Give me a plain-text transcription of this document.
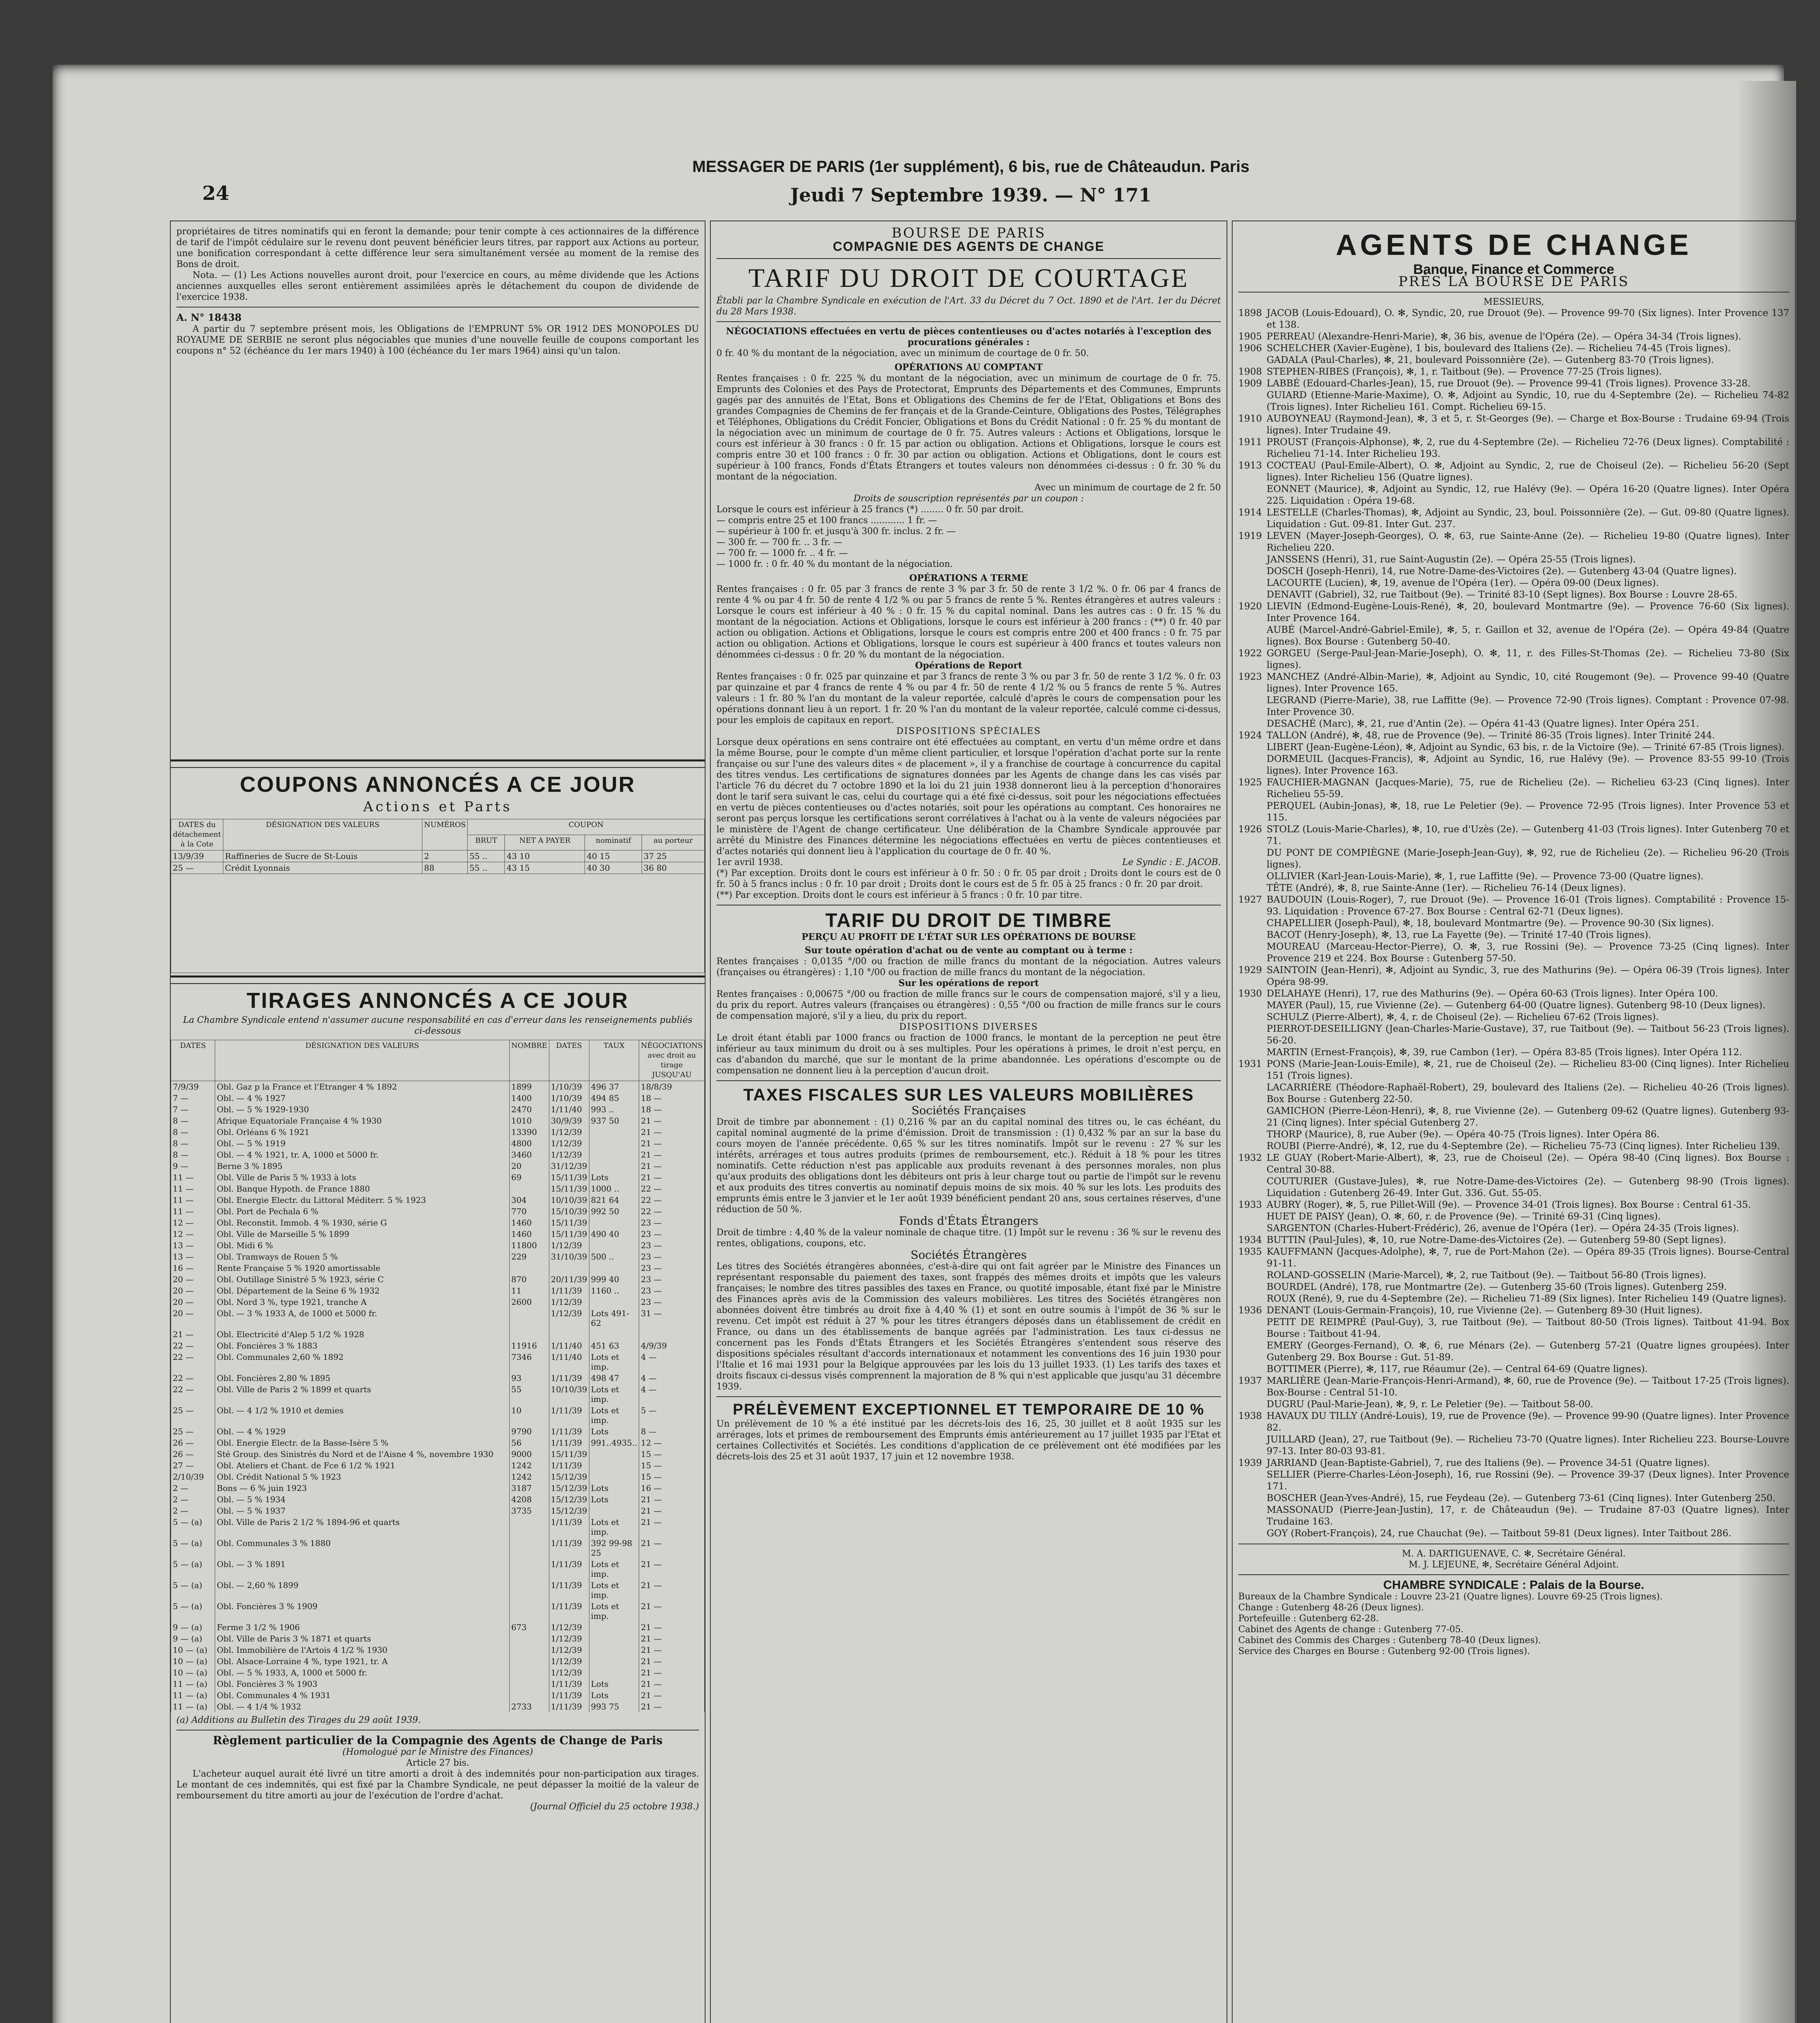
24
MESSAGER DE PARIS (1er supplément), 6 bis, rue de Châteaudun. Paris
Jeudi 7 Septembre 1939. — N° 171
propriétaires de titres nominatifs qui en feront la demande; pour tenir compte à ces actionnaires de la différence de tarif de l'impôt cédulaire sur le revenu dont peuvent bénéficier leurs titres, par rapport aux Actions au porteur, une bonification correspondant à cette différence leur sera simultanément versée au moment de la remise des Bons de droit.
Nota. — (1) Les Actions nouvelles auront droit, pour l'exercice en cours, au même dividende que les Actions anciennes auxquelles elles seront entièrement assimilées après le détachement du coupon de dividende de l'exercice 1938.
A. N° 18438
A partir du 7 septembre présent mois, les Obligations de l'EMPRUNT 5% OR 1912 DES MONOPOLES DU ROYAUME DE SERBIE ne seront plus négociables que munies d'une nouvelle feuille de coupons comportant les coupons n° 52 (échéance du 1er mars 1940) à 100 (échéance du 1er mars 1964) ainsi qu'un talon.
COUPONS ANNONCÉS A CE JOUR
Actions et Parts
DATES du détachement à la Cote	DÉSIGNATION DES VALEURS	NUMÉROS	COUPON			
			BRUT	NET A PAYER	nominatif	au porteur
13/9/39	Raffineries de Sucre de St-Louis	2	55 ..	43 10	40 15	37 25
25 —	Crédit Lyonnais	88	55 ..	43 15	40 30	36 80

TIRAGES ANNONCÉS A CE JOUR
La Chambre Syndicale entend n'assumer aucune responsabilité en cas d'erreur dans les renseignements publiés ci-dessous
DATES	DÉSIGNATION DES VALEURS	NOMBRE	DATES	TAUX	NÉGOCIATIONS avec droit au tirage JUSQU'AU
7/9/39	Obl. Gaz p la France et l'Etranger 4 % 1892	1899	1/10/39	496 37	18/8/39
7 —	Obl. — 4 % 1927	1400	1/10/39	494 85	18 —
7 —	Obl. — 5 % 1929-1930	2470	1/11/40	993 ..	18 —
8 —	Afrique Equatoriale Française 4 % 1930	1010	30/9/39	937 50	21 —
8 —	Obl. Orléans 6 % 1921	13390	1/12/39		21 —
8 —	Obl. — 5 % 1919	4800	1/12/39		21 —
8 —	Obl. — 4 % 1921, tr. A, 1000 et 5000 fr.	3460	1/12/39		21 —
9 —	Berne 3 % 1895	20	31/12/39		21 —
11 —	Obl. Ville de Paris 5 % 1933 à lots	69	15/11/39	Lots	21 —
11 —	Obl. Banque Hypoth. de France 1880		15/11/39	1000 ..	22 —
11 —	Obl. Energie Electr. du Littoral Méditerr. 5 % 1923	304	10/10/39	821 64	22 —
11 —	Obl. Port de Pechala 6 %	770	15/10/39	992 50	22 —
12 —	Obl. Reconstit. Immob. 4 % 1930, série G	1460	15/11/39		23 —
12 —	Obl. Ville de Marseille 5 % 1899	1460	15/11/39	490 40	23 —
13 —	Obl. Midi 6 %	11800	1/12/39		23 —
13 —	Obl. Tramways de Rouen 5 %	229	31/10/39	500 ..	23 —
16 —	Rente Française 5 % 1920 amortissable				23 —
20 —	Obl. Outillage Sinistré 5 % 1923, série C	870	20/11/39	999 40	23 —
20 —	Obl. Département de la Seine 6 % 1932	11	1/11/39	1160 ..	23 —
20 —	Obl. Nord 3 %, type 1921, tranche A	2600	1/12/39		23 —
20 —	Obl. — 3 % 1933 A, de 1000 et 5000 fr.		1/12/39	Lots 491-62	31 —
21 —	Obl. Electricité d'Alep 5 1/2 % 1928				
22 —	Obl. Foncières 3 % 1883	11916	1/11/40	451 63	4/9/39
22 —	Obl. Communales 2,60 % 1892	7346	1/11/40	Lots et imp.	4 —
22 —	Obl. Foncières 2,80 % 1895	93	1/11/39	498 47	4 —
22 —	Obl. Ville de Paris 2 % 1899 et quarts	55	10/10/39	Lots et imp.	4 —
25 —	Obl. — 4 1/2 % 1910 et demies	10	1/11/39	Lots et imp.	5 —
25 —	Obl. — 4 % 1929	9790	1/11/39	Lots	8 —
26 —	Obl. Energie Electr. de la Basse-Isère 5 %	56	1/11/39	991..4935..	12 —
26 —	Sté Group. des Sinistrés du Nord et de l'Aisne 4 %, novembre 1930	9000	15/11/39		15 —
27 —	Obl. Ateliers et Chant. de Fce 6 1/2 % 1921	1242	1/11/39		15 —
2/10/39	Obl. Crédit National 5 % 1923	1242	15/12/39		15 —
2 —	Bons — 6 % juin 1923	3187	15/12/39	Lots	16 —
2 —	Obl. — 5 % 1934	4208	15/12/39	Lots	21 —
2 —	Obl. — 5 % 1937	3735	15/12/39		21 —
5 — (a)	Obl. Ville de Paris 2 1/2 % 1894-96 et quarts		1/11/39	Lots et imp.	21 —
5 — (a)	Obl. Communales 3 % 1880		1/11/39	392 99-98 25	21 —
5 — (a)	Obl. — 3 % 1891		1/11/39	Lots et imp.	21 —
5 — (a)	Obl. — 2,60 % 1899		1/11/39	Lots et imp.	21 —
5 — (a)	Obl. Foncières 3 % 1909		1/11/39	Lots et imp.	21 —
9 — (a)	Ferme 3 1/2 % 1906	673	1/12/39		21 —
9 — (a)	Obl. Ville de Paris 3 % 1871 et quarts		1/12/39		21 —
10 — (a)	Obl. Immobilière de l'Artois 4 1/2 % 1930		1/12/39		21 —
10 — (a)	Obl. Alsace-Lorraine 4 %, type 1921, tr. A		1/12/39		21 —
10 — (a)	Obl. — 5 % 1933, A, 1000 et 5000 fr.		1/12/39		21 —
11 — (a)	Obl. Foncières 3 % 1903		1/11/39	Lots	21 —
11 — (a)	Obl. Communales 4 % 1931		1/11/39	Lots	21 —
11 — (a)	Obl. — 4 1/4 % 1932	2733	1/11/39	993 75	21 —
(a) Additions au Bulletin des Tirages du 29 août 1939.
Règlement particulier de la Compagnie des Agents de Change de Paris
(Homologué par le Ministre des Finances)
Article 27 bis.
L'acheteur auquel aurait été livré un titre amorti a droit à des indemnités pour non-participation aux tirages. Le montant de ces indemnités, qui est fixé par la Chambre Syndicale, ne peut dépasser la moitié de la valeur de remboursement du titre amorti au jour de l'exécution de l'ordre d'achat.
(Journal Officiel du 25 octobre 1938.)
BOURSE DE PARIS
COMPAGNIE DES AGENTS DE CHANGE
TARIF DU DROIT DE COURTAGE
Établi par la Chambre Syndicale en exécution de l'Art. 33 du Décret du 7 Oct. 1890 et de l'Art. 1er du Décret du 28 Mars 1938.
NÉGOCIATIONS effectuées en vertu de pièces contentieuses ou d'actes notariés à l'exception des procurations générales :
0 fr. 40 % du montant de la négociation, avec un minimum de courtage de 0 fr. 50.
OPÉRATIONS AU COMPTANT
Rentes françaises : 0 fr. 225 % du montant de la négociation, avec un minimum de courtage de 0 fr. 75. Emprunts des Colonies et des Pays de Protectorat, Emprunts des Départements et des Communes, Emprunts gagés par des annuités de l'Etat, Bons et Obligations des Chemins de fer de l'Etat, Obligations et Bons des grandes Compagnies de Chemins de fer français et de la Grande-Ceinture, Obligations des Postes, Télégraphes et Téléphones, Obligations du Crédit Foncier, Obligations et Bons du Crédit National : 0 fr. 25 % du montant de la négociation avec un minimum de courtage de 0 fr. 75. Autres valeurs : Actions et Obligations, lorsque le cours est inférieur à 30 francs : 0 fr. 15 par action ou obligation. Actions et Obligations, lorsque le cours est compris entre 30 et 100 francs : 0 fr. 30 par action ou obligation. Actions et Obligations, dont le cours est supérieur à 100 francs, Fonds d'États Étrangers et toutes valeurs non dénommées ci-dessus : 0 fr. 30 % du montant de la négociation.
Avec un minimum de courtage de 2 fr. 50
Droits de souscription représentés par un coupon :
Lorsque le cours est inférieur à 25 francs (*) ........ 0 fr. 50 par droit.
— compris entre 25 et 100 francs ............ 1 fr. —
— supérieur à 100 fr. et jusqu'à 300 fr. inclus. 2 fr. —
— 300 fr. — 700 fr. .. 3 fr. —
— 700 fr. — 1000 fr. .. 4 fr. —
— 1000 fr. : 0 fr. 40 % du montant de la négociation.
OPÉRATIONS A TERME
Rentes françaises : 0 fr. 05 par 3 francs de rente 3 % par 3 fr. 50 de rente 3 1/2 %. 0 fr. 06 par 4 francs de rente 4 % ou par 4 fr. 50 de rente 4 1/2 % ou par 5 francs de rente 5 %. Rentes étrangères et autres valeurs : Lorsque le cours est inférieur à 40 % : 0 fr. 15 % du capital nominal. Dans les autres cas : 0 fr. 15 % du montant de la négociation. Actions et Obligations, lorsque le cours est inférieur à 200 francs : (**) 0 fr. 40 par action ou obligation. Actions et Obligations, lorsque le cours est compris entre 200 et 400 francs : 0 fr. 75 par action ou obligation. Actions et Obligations, lorsque le cours est supérieur à 400 francs et toutes valeurs non dénommées ci-dessus : 0 fr. 20 % du montant de la négociation.
Opérations de Report
Rentes françaises : 0 fr. 025 par quinzaine et par 3 francs de rente 3 % ou par 3 fr. 50 de rente 3 1/2 %. 0 fr. 03 par quinzaine et par 4 francs de rente 4 % ou par 4 fr. 50 de rente 4 1/2 % ou 5 francs de rente 5 %. Autres valeurs : 1 fr. 80 % l'an du montant de la valeur reportée, calculé d'après le cours de compensation pour les opérations donnant lieu à un report. 1 fr. 20 % l'an du montant de la valeur reportée, calculé comme ci-dessus, pour les emplois de capitaux en report.
DISPOSITIONS SPÉCIALES
Lorsque deux opérations en sens contraire ont été effectuées au comptant, en vertu d'un même ordre et dans la même Bourse, pour le compte d'un même client particulier, et lorsque l'opération d'achat porte sur la rente française ou sur l'une des valeurs dites « de placement », il y a franchise de courtage à concurrence du capital des titres vendus. Les certifications de signatures données par les Agents de change dans les cas visés par l'article 76 du décret du 7 octobre 1890 et la loi du 21 juin 1938 donneront lieu à la perception d'honoraires dont le tarif sera suivant le cas, celui du courtage qui a été fixé ci-dessus, soit pour les négociations effectuées en vertu de pièces contentieuses ou d'actes notariés, soit pour les opérations au comptant. Ces honoraires ne seront pas perçus lorsque les certifications seront corrélatives à l'achat ou à la vente de valeurs négociées par le ministère de l'Agent de change certificateur. Une délibération de la Chambre Syndicale approuvée par arrêté du Ministre des Finances détermine les négociations effectuées en vertu de pièces contentieuses et d'actes notariés qui donnent lieu à l'application du courtage de 0 fr. 40 %.
1er avril 1938.	Le Syndic : E. JACOB.
(*) Par exception. Droits dont le cours est inférieur à 0 fr. 50 : 0 fr. 05 par droit ; Droits dont le cours est de 0 fr. 50 à 5 francs inclus : 0 fr. 10 par droit ; Droits dont le cours est de 5 fr. 05 à 25 francs : 0 fr. 20 par droit.
(**) Par exception. Droits dont le cours est inférieur à 5 francs : 0 fr. 10 par titre.
TARIF DU DROIT DE TIMBRE
PERÇU AU PROFIT DE L'ÉTAT SUR LES OPÉRATIONS DE BOURSE
Sur toute opération d'achat ou de vente au comptant ou à terme :
Rentes françaises : 0,0135 °/00 ou fraction de mille francs du montant de la négociation. Autres valeurs (françaises ou étrangères) : 1,10 °/00 ou fraction de mille francs du montant de la négociation.
Sur les opérations de report
Rentes françaises : 0,00675 °/00 ou fraction de mille francs sur le cours de compensation majoré, s'il y a lieu, du prix du report. Autres valeurs (françaises ou étrangères) : 0,55 °/00 ou fraction de mille francs sur le cours de compensation majoré, s'il y a lieu, du prix du report.
DISPOSITIONS DIVERSES
Le droit étant établi par 1000 francs ou fraction de 1000 francs, le montant de la perception ne peut être inférieur au taux minimum du droit ou à ses multiples. Pour les opérations à primes, le droit n'est perçu, en cas d'abandon du marché, que sur le montant de la prime abandonnée. Les opérations d'escompte ou de compensation ne donnent lieu à la perception d'aucun droit.
TAXES FISCALES SUR LES VALEURS MOBILIÈRES
Sociétés Françaises
Droit de timbre par abonnement : (1) 0,216 % par an du capital nominal des titres ou, le cas échéant, du capital nominal augmenté de la prime d'émission. Droit de transmission : (1) 0,432 % par an sur la base du cours moyen de l'année précédente. 0,65 % sur les titres nominatifs. Impôt sur le revenu : 27 % sur les intérêts, arrérages et tous autres produits (primes de remboursement, etc.). Réduit à 18 % pour les titres nominatifs. Cette réduction n'est pas applicable aux produits revenant à des personnes morales, non plus qu'aux produits des obligations dont les débiteurs ont pris à leur charge tout ou partie de l'impôt sur le revenu et aux produits des titres convertis au nominatif depuis moins de six mois. 40 % sur les lots. Les produits des emprunts émis entre le 3 janvier et le 1er août 1939 bénéficient pendant 20 ans, sous certaines réserves, d'une réduction de 50 %.
Fonds d'États Étrangers
Droit de timbre : 4,40 % de la valeur nominale de chaque titre. (1) Impôt sur le revenu : 36 % sur le revenu des rentes, obligations, coupons, etc.
Sociétés Étrangères
Les titres des Sociétés étrangères abonnées, c'est-à-dire qui ont fait agréer par le Ministre des Finances un représentant responsable du paiement des taxes, sont frappés des mêmes droits et impôts que les valeurs françaises; le nombre des titres passibles des taxes en France, ou quotité imposable, étant fixé par le Ministre des Finances après avis de la Commission des valeurs mobilières. Les titres des Sociétés étrangères non abonnées doivent être timbrés au droit fixe à 4,40 % (1) et sont en outre soumis à l'impôt de 36 % sur le revenu. Cet impôt est réduit à 27 % pour les titres étrangers déposés dans un établissement de crédit en France, ou dans un des établissements de banque agréés par l'administration. Les taux ci-dessus ne concernent pas les Fonds d'États Étrangers et les Sociétés Étrangères s'entendent sous réserve des dispositions spéciales résultant d'accords internationaux et notamment les conventions des 16 juin 1930 pour l'Italie et 16 mai 1931 pour la Belgique approuvées par les lois du 13 juillet 1933. (1) Les tarifs des taxes et droits fiscaux ci-dessus visés comprennent la majoration de 8 % qui n'est applicable que jusqu'au 31 décembre 1939.
PRÉLÈVEMENT EXCEPTIONNEL ET TEMPORAIRE DE 10 %
Un prélèvement de 10 % a été institué par les décrets-lois des 16, 25, 30 juillet et 8 août 1935 sur les arrérages, lots et primes de remboursement des Emprunts émis antérieurement au 17 juillet 1935 par l'Etat et certaines Collectivités et Sociétés. Les conditions d'application de ce prélèvement ont été modifiées par les décrets-lois des 25 et 31 août 1937, 17 juin et 12 novembre 1938.
AGENTS DE CHANGE
Banque, Finance et Commerce
PRÈS LA BOURSE DE PARIS
MESSIEURS,
1898 JACOB (Louis-Edouard), O. ✻, Syndic, 20, rue Drouot (9e). — Provence 99-70 (Six lignes). Inter Provence 137 et 138.
1905 PERREAU (Alexandre-Henri-Marie), ✻, 36 bis, avenue de l'Opéra (2e). — Opéra 34-34 (Trois lignes).
1906 SCHELCHER (Xavier-Eugène), 1 bis, boulevard des Italiens (2e). — Richelieu 74-45 (Trois lignes).
GADALA (Paul-Charles), ✻, 21, boulevard Poissonnière (2e). — Gutenberg 83-70 (Trois lignes).
1908 STEPHEN-RIBES (François), ✻, 1, r. Taitbout (9e). — Provence 77-25 (Trois lignes).
1909 LABBÉ (Edouard-Charles-Jean), 15, rue Drouot (9e). — Provence 99-41 (Trois lignes). Provence 33-28.
GUIARD (Etienne-Marie-Maxime), O. ✻, Adjoint au Syndic, 10, rue du 4-Septembre (2e). — Richelieu 74-82 (Trois lignes). Inter Richelieu 161. Compt. Richelieu 69-15.
1910 AUBOYNEAU (Raymond-Jean), ✻, 3 et 5, r. St-Georges (9e). — Charge et Box-Bourse : Trudaine 69-94 (Trois lignes). Inter Trudaine 49.
1911 PROUST (François-Alphonse), ✻, 2, rue du 4-Septembre (2e). — Richelieu 72-76 (Deux lignes). Comptabilité : Richelieu 71-14. Inter Richelieu 193.
1913 COCTEAU (Paul-Emile-Albert), O. ✻, Adjoint au Syndic, 2, rue de Choiseul (2e). — Richelieu 56-20 (Sept lignes). Inter Richelieu 156 (Quatre lignes).
EONNET (Maurice), ✻, Adjoint au Syndic, 12, rue Halévy (9e). — Opéra 16-20 (Quatre lignes). Inter Opéra 225. Liquidation : Opéra 19-68.
1914 LESTELLE (Charles-Thomas), ✻, Adjoint au Syndic, 23, boul. Poissonnière (2e). — Gut. 09-80 (Quatre lignes). Liquidation : Gut. 09-81. Inter Gut. 237.
1919 LEVEN (Mayer-Joseph-Georges), O. ✻, 63, rue Sainte-Anne (2e). — Richelieu 19-80 (Quatre lignes). Inter Richelieu 220.
JANSSENS (Henri), 31, rue Saint-Augustin (2e). — Opéra 25-55 (Trois lignes).
DOSCH (Joseph-Henri), 14, rue Notre-Dame-des-Victoires (2e). — Gutenberg 43-04 (Quatre lignes).
LACOURTE (Lucien), ✻, 19, avenue de l'Opéra (1er). — Opéra 09-00 (Deux lignes).
DENAVIT (Gabriel), 32, rue Taitbout (9e). — Trinité 83-10 (Sept lignes). Box Bourse : Louvre 28-65.
1920 LIEVIN (Edmond-Eugène-Louis-René), ✻, 20, boulevard Montmartre (9e). — Provence 76-60 (Six lignes). Inter Provence 164.
AUBÉ (Marcel-André-Gabriel-Emile), ✻, 5, r. Gaillon et 32, avenue de l'Opéra (2e). — Opéra 49-84 (Quatre lignes). Box Bourse : Gutenberg 50-40.
1922 GORGEU (Serge-Paul-Jean-Marie-Joseph), O. ✻, 11, r. des Filles-St-Thomas (2e). — Richelieu 73-80 (Six lignes).
1923 MANCHEZ (André-Albin-Marie), ✻, Adjoint au Syndic, 10, cité Rougemont (9e). — Provence 99-40 (Quatre lignes). Inter Provence 165.
LEGRAND (Pierre-Marie), 38, rue Laffitte (9e). — Provence 72-90 (Trois lignes). Comptant : Provence 07-98. Inter Provence 30.
DESACHÉ (Marc), ✻, 21, rue d'Antin (2e). — Opéra 41-43 (Quatre lignes). Inter Opéra 251.
1924 TALLON (André), ✻, 48, rue de Provence (9e). — Trinité 86-35 (Trois lignes). Inter Trinité 244.
LIBERT (Jean-Eugène-Léon), ✻, Adjoint au Syndic, 63 bis, r. de la Victoire (9e). — Trinité 67-85 (Trois lignes).
DORMEUIL (Jacques-Francis), ✻, Adjoint au Syndic, 16, rue Halévy (9e). — Provence 83-55 99-10 (Trois lignes). Inter Provence 163.
1925 FAUCHIER-MAGNAN (Jacques-Marie), 75, rue de Richelieu (2e). — Richelieu 63-23 (Cinq lignes). Inter Richelieu 55-59.
PERQUEL (Aubin-Jonas), ✻, 18, rue Le Peletier (9e). — Provence 72-95 (Trois lignes). Inter Provence 53 et 115.
1926 STOLZ (Louis-Marie-Charles), ✻, 10, rue d'Uzès (2e). — Gutenberg 41-03 (Trois lignes). Inter Gutenberg 70 et 71.
DU PONT DE COMPIÈGNE (Marie-Joseph-Jean-Guy), ✻, 92, rue de Richelieu (2e). — Richelieu 96-20 (Trois lignes).
OLLIVIER (Karl-Jean-Louis-Marie), ✻, 1, rue Laffitte (9e). — Provence 73-00 (Quatre lignes).
TÊTE (André), ✻, 8, rue Sainte-Anne (1er). — Richelieu 76-14 (Deux lignes).
1927 BAUDOUIN (Louis-Roger), 7, rue Drouot (9e). — Provence 16-01 (Trois lignes). Comptabilité : Provence 15-93. Liquidation : Provence 67-27. Box Bourse : Central 62-71 (Deux lignes).
CHAPELLIER (Joseph-Paul), ✻, 18, boulevard Montmartre (9e). — Provence 90-30 (Six lignes).
BACOT (Henry-Joseph), ✻, 13, rue La Fayette (9e). — Trinité 17-40 (Trois lignes).
MOUREAU (Marceau-Hector-Pierre), O. ✻, 3, rue Rossini (9e). — Provence 73-25 (Cinq lignes). Inter Provence 219 et 224. Box Bourse : Gutenberg 57-50.
1929 SAINTOIN (Jean-Henri), ✻, Adjoint au Syndic, 3, rue des Mathurins (9e). — Opéra 06-39 (Trois lignes). Inter Opéra 98-99.
1930 DELAHAYE (Henri), 17, rue des Mathurins (9e). — Opéra 60-63 (Trois lignes). Inter Opéra 100.
MAYER (Paul), 15, rue Vivienne (2e). — Gutenberg 64-00 (Quatre lignes). Gutenberg 98-10 (Deux lignes).
SCHULZ (Pierre-Albert), ✻, 4, r. de Choiseul (2e). — Richelieu 67-62 (Trois lignes).
PIERROT-DESEILLIGNY (Jean-Charles-Marie-Gustave), 37, rue Taitbout (9e). — Taitbout 56-23 (Trois lignes). 56-20.
MARTIN (Ernest-François), ✻, 39, rue Cambon (1er). — Opéra 83-85 (Trois lignes). Inter Opéra 112.
1931 PONS (Marie-Jean-Louis-Emile), ✻, 21, rue de Choiseul (2e). — Richelieu 83-00 (Cinq lignes). Inter Richelieu 151 (Trois lignes).
LACARRIÈRE (Théodore-Raphaël-Robert), 29, boulevard des Italiens (2e). — Richelieu 40-26 (Trois lignes). Box Bourse : Gutenberg 22-50.
GAMICHON (Pierre-Léon-Henri), ✻, 8, rue Vivienne (2e). — Gutenberg 09-62 (Quatre lignes). Gutenberg 93-21 (Cinq lignes). Inter spécial Gutenberg 27.
THORP (Maurice), 8, rue Auber (9e). — Opéra 40-75 (Trois lignes). Inter Opéra 86.
ROUBI (Pierre-André), ✻, 12, rue du 4-Septembre (2e). — Richelieu 75-73 (Cinq lignes). Inter Richelieu 139.
1932 LE GUAY (Robert-Marie-Albert), ✻, 23, rue de Choiseul (2e). — Opéra 98-40 (Cinq lignes). Box Bourse : Central 30-88.
COUTURIER (Gustave-Jules), ✻, rue Notre-Dame-des-Victoires (2e). — Gutenberg 98-90 (Trois lignes). Liquidation : Gutenberg 26-49. Inter Gut. 336. Gut. 55-05.
1933 AUBRY (Roger), ✻, 5, rue Pillet-Will (9e). — Provence 34-01 (Trois lignes). Box Bourse : Central 61-35.
HUET DE PAISY (Jean), O. ✻, 60, r. de Provence (9e). — Trinité 69-31 (Cinq lignes).
SARGENTON (Charles-Hubert-Frédéric), 26, avenue de l'Opéra (1er). — Opéra 24-35 (Trois lignes).
1934 BUTTIN (Paul-Jules), ✻, 10, rue Notre-Dame-des-Victoires (2e). — Gutenberg 59-80 (Sept lignes).
1935 KAUFFMANN (Jacques-Adolphe), ✻, 7, rue de Port-Mahon (2e). — Opéra 89-35 (Trois lignes). Bourse-Central 91-11.
ROLAND-GOSSELIN (Marie-Marcel), ✻, 2, rue Taitbout (9e). — Taitbout 56-80 (Trois lignes).
BOURDEL (André), 178, rue Montmartre (2e). — Gutenberg 35-60 (Trois lignes). Gutenberg 259.
ROUX (René), 9, rue du 4-Septembre (2e). — Richelieu 71-89 (Six lignes). Inter Richelieu 149 (Quatre lignes).
1936 DENANT (Louis-Germain-François), 10, rue Vivienne (2e). — Gutenberg 89-30 (Huit lignes).
PETIT DE REIMPRÉ (Paul-Guy), 3, rue Taitbout (9e). — Taitbout 80-50 (Trois lignes). Taitbout 41-94. Box Bourse : Taitbout 41-94.
EMERY (Georges-Fernand), O. ✻, 6, rue Ménars (2e). — Gutenberg 57-21 (Quatre lignes groupées). Inter Gutenberg 29. Box Bourse : Gut. 51-89.
BOTTIMER (Pierre), ✻, 117, rue Réaumur (2e). — Central 64-69 (Quatre lignes).
1937 MARLIÈRE (Jean-Marie-François-Henri-Armand), ✻, 60, rue de Provence (9e). — Taitbout 17-25 (Trois lignes). Box-Bourse : Central 51-10.
DUGRU (Paul-Marie-Jean), ✻, 9, r. Le Peletier (9e). — Taitbout 58-00.
1938 HAVAUX DU TILLY (André-Louis), 19, rue de Provence (9e). — Provence 99-90 (Quatre lignes). Inter Provence 82.
JUILLARD (Jean), 27, rue Taitbout (9e). — Richelieu 73-70 (Quatre lignes). Inter Richelieu 223. Bourse-Louvre 97-13. Inter 80-03 93-81.
1939 JARRIAND (Jean-Baptiste-Gabriel), 7, rue des Italiens (9e). — Provence 34-51 (Quatre lignes).
SELLIER (Pierre-Charles-Léon-Joseph), 16, rue Rossini (9e). — Provence 39-37 (Deux lignes). Inter Provence 171.
BOSCHER (Jean-Yves-André), 15, rue Feydeau (2e). — Gutenberg 73-61 (Cinq lignes). Inter Gutenberg 250.
MASSONAUD (Pierre-Jean-Justin), 17, r. de Châteaudun (9e). — Trudaine 87-03 (Quatre lignes). Inter Trudaine 163.
GOY (Robert-François), 24, rue Chauchat (9e). — Taitbout 59-81 (Deux lignes). Inter Taitbout 286.
M. A. DARTIGUENAVE, C. ✻, Secrétaire Général.
M. J. LEJEUNE, ✻, Secrétaire Général Adjoint.
CHAMBRE SYNDICALE : Palais de la Bourse.
Bureaux de la Chambre Syndicale : Louvre 23-21 (Quatre lignes). Louvre 69-25 (Trois lignes).
Change : Gutenberg 48-26 (Deux lignes).
Portefeuille : Gutenberg 62-28.
Cabinet des Agents de change : Gutenberg 77-05.
Cabinet des Commis des Charges : Gutenberg 78-40 (Deux lignes).
Service des Charges en Bourse : Gutenberg 92-00 (Trois lignes).
